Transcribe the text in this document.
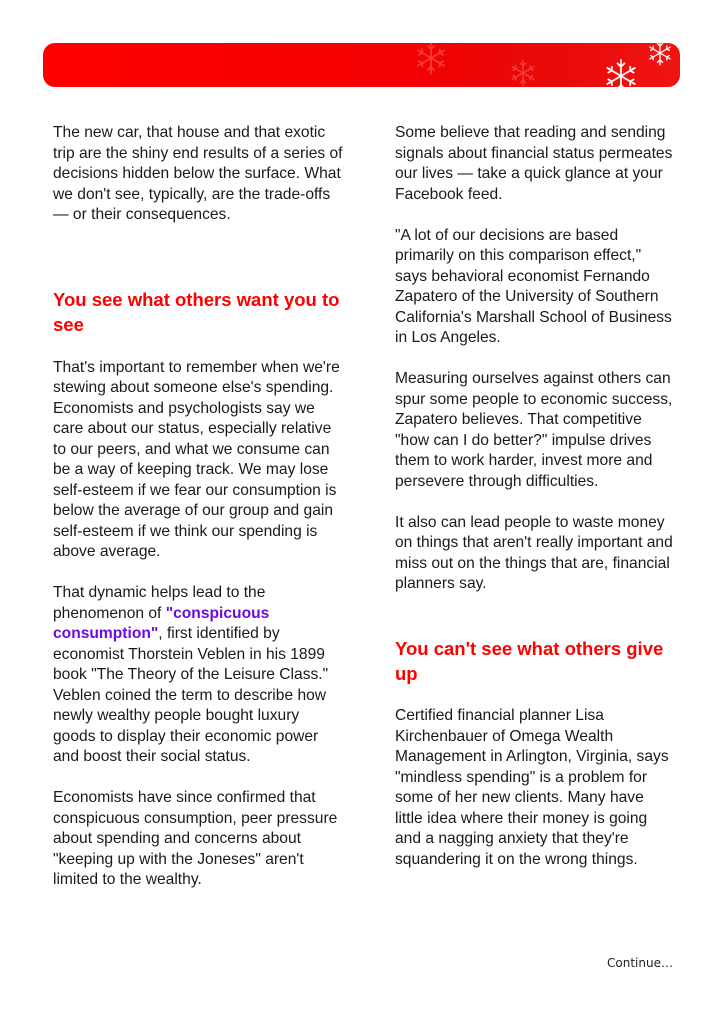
The new car, that house and that exotic trip are the shiny end results of a series of decisions hidden below the surface. What we don't see, typically, are the trade-offs — or their consequences.

You see what others want you to see

That's important to remember when we're stewing about someone else's spending. Economists and psychologists say we care about our status, especially relative to our peers, and what we consume can be a way of keeping track. We may lose self-esteem if we fear our consumption is below the average of our group and gain self-esteem if we think our spending is above average.

That dynamic helps lead to the phenomenon of "conspicuous consumption", first identified by economist Thorstein Veblen in his 1899 book "The Theory of the Leisure Class." Veblen coined the term to describe how newly wealthy people bought luxury goods to display their economic power and boost their social status.

Economists have since confirmed that conspicuous consumption, peer pressure about spending and concerns about "keeping up with the Joneses" aren't limited to the wealthy.

Some believe that reading and sending signals about financial status permeates our lives — take a quick glance at your Facebook feed.

"A lot of our decisions are based primarily on this comparison effect," says behavioral economist Fernando Zapatero of the University of Southern California's Marshall School of Business in Los Angeles.

Measuring ourselves against others can spur some people to economic success, Zapatero believes. That competitive "how can I do better?" impulse drives them to work harder, invest more and persevere through difficulties.

It also can lead people to waste money on things that aren't really important and miss out on the things that are, financial planners say.

You can't see what others give up

Certified financial planner Lisa Kirchenbauer of Omega Wealth Management in Arlington, Virginia, says "mindless spending" is a problem for some of her new clients. Many have little idea where their money is going and a nagging anxiety that they're squandering it on the wrong things.

Continue…
